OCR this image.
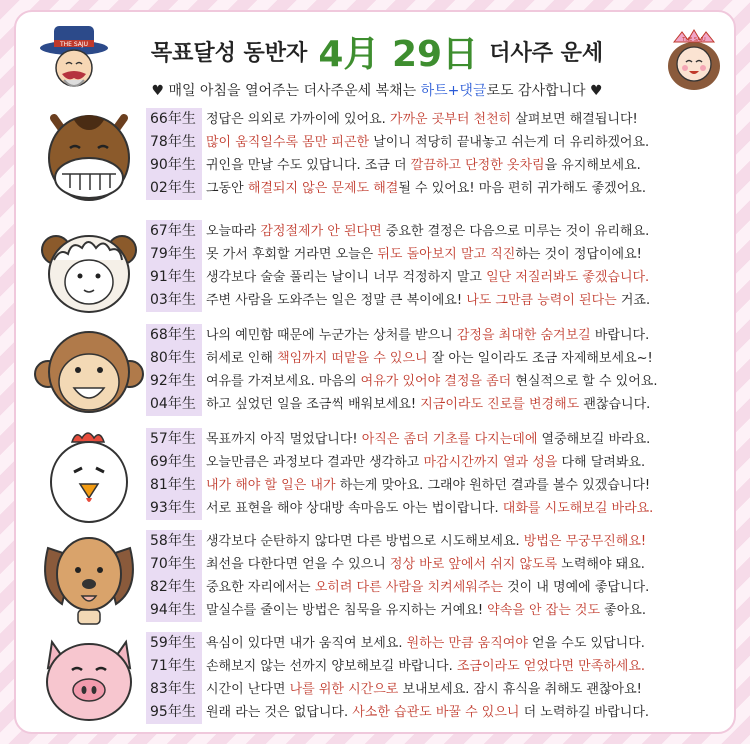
THE SAJU	목표달성 동반자 4月 29日 더사주 운세
THE SAJU
♥ 매일 아침을 열어주는 더사주운세 복채는 하트+댓글로도 감사합니다 ♥
66年生 정답은 의외로 가까이에 있어요. 가까운 곳부터 천천히 살펴보면 해결됩니다!
78年生 많이 움직일수록 몸만 피곤한 날이니 적당히 끝내놓고 쉬는게 더 유리하겠어요.
90年生 귀인을 만날 수도 있답니다. 조금 더 깔끔하고 단정한 옷차림을 유지해보세요.
02年生 그동안 해결되지 않은 문제도 해결될 수 있어요! 마음 편히 귀가해도 좋겠어요.
67年生 오늘따라 감정절제가 안 된다면 중요한 결정은 다음으로 미루는 것이 유리해요.
79年生 못 가서 후회할 거라면 오늘은 뒤도 돌아보지 말고 직진하는 것이 정답이에요!
91年生 생각보다 술술 풀리는 날이니 너무 걱정하지 말고 일단 저질러봐도 좋겠습니다.
03年生 주변 사람을 도와주는 일은 정말 큰 복이에요! 나도 그만큼 능력이 된다는 거죠.
68年生 나의 예민함 때문에 누군가는 상처를 받으니 감정을 최대한 숨겨보길 바랍니다.
80年生 허세로 인해 책임까지 떠맡을 수 있으니 잘 아는 일이라도 조금 자제해보세요~!
92年生 여유를 가져보세요. 마음의 여유가 있어야 결정을 좀더 현실적으로 할 수 있어요.
04年生 하고 싶었던 일을 조금씩 배워보세요! 지금이라도 진로를 변경해도 괜찮습니다.
57年生 목표까지 아직 멀었답니다! 아직은 좀더 기초를 다지는데에 열중해보길 바라요.
69年生 오늘만큼은 과정보다 결과만 생각하고 마감시간까지 열과 성을 다해 달려봐요.
81年生 내가 해야 할 일은 내가 하는게 맞아요. 그래야 원하던 결과를 볼수 있겠습니다!
93年生 서로 표현을 해야 상대방 속마음도 아는 법이랍니다. 대화를 시도해보길 바라요.
58年生 생각보다 순탄하지 않다면 다른 방법으로 시도해보세요. 방법은 무궁무진해요!
70年生 최선을 다한다면 얻을 수 있으니 정상 바로 앞에서 쉬지 않도록 노력해야 돼요.
82年生 중요한 자리에서는 오히려 다른 사람을 치켜세워주는 것이 내 명예에 좋답니다.
94年生 말실수를 줄이는 방법은 침묵을 유지하는 거예요! 약속을 안 잡는 것도 좋아요.
59年生 욕심이 있다면 내가 움직여 보세요. 원하는 만큼 움직여야 얻을 수도 있답니다.
71年生 손해보지 않는 선까지 양보해보길 바랍니다. 조금이라도 얻었다면 만족하세요.
83年生 시간이 난다면 나를 위한 시간으로 보내보세요. 잠시 휴식을 취해도 괜찮아요!
95年生 원래 라는 것은 없답니다. 사소한 습관도 바꿀 수 있으니 더 노력하길 바랍니다.
